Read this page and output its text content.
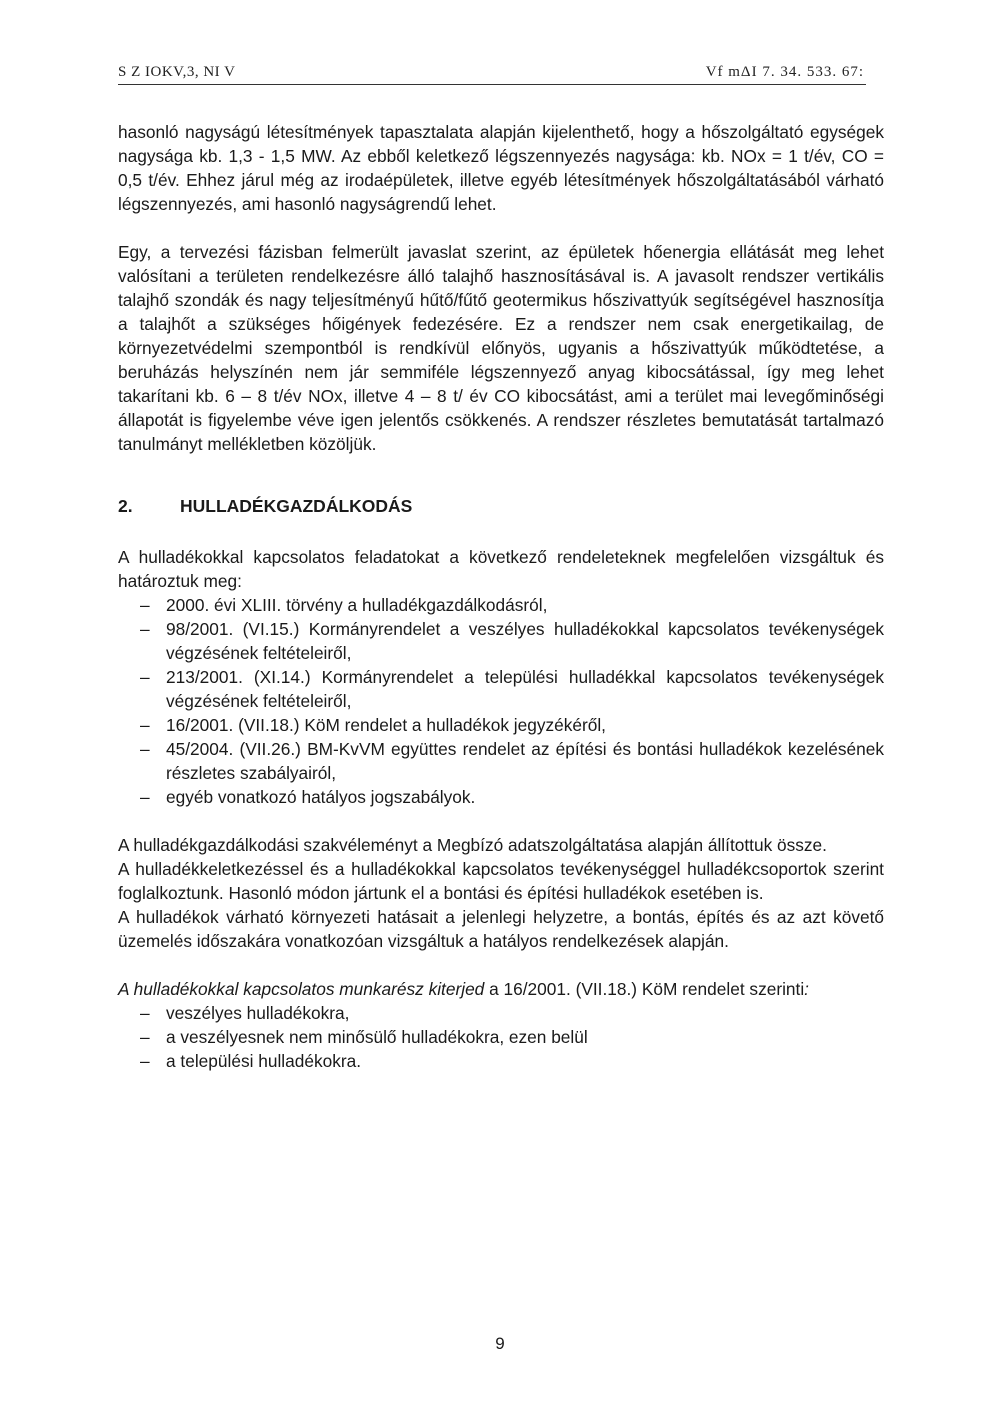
S Z IOKV,3, NI V	Vf mΔI 7. 34. 533. 67:

hasonló nagyságú létesítmények tapasztalata alapján kijelenthető, hogy a hőszolgáltató egységek nagysága kb. 1,3 - 1,5 MW. Az ebből keletkező légszennyezés nagysága: kb. NOx = 1 t/év, CO = 0,5 t/év. Ehhez járul még az irodaépületek, illetve egyéb létesítmények hőszolgáltatásából várható légszennyezés, ami hasonló nagyságrendű lehet.

Egy, a tervezési fázisban felmerült javaslat szerint, az épületek hőenergia ellátását meg lehet valósítani a területen rendelkezésre álló talajhő hasznosításával is. A javasolt rendszer vertikális talajhő szondák és nagy teljesítményű hűtő/fűtő geotermikus hőszivattyúk segítségével hasznosítja a talajhőt a szükséges hőigények fedezésére. Ez a rendszer nem csak energetikailag, de környezetvédelmi szempontból is rendkívül előnyös, ugyanis a hőszivattyúk működtetése, a beruházás helyszínén nem jár semmiféle légszennyező anyag kibocsátással, így meg lehet takarítani kb. 6 – 8 t/év NOx, illetve 4 – 8 t/ év CO kibocsátást, ami a terület mai levegőminőségi állapotát is figyelembe véve igen jelentős csökkenés. A rendszer részletes bemutatását tartalmazó tanulmányt mellékletben közöljük.

2.	HULLADÉKGAZDÁLKODÁS

A hulladékokkal kapcsolatos feladatokat a következő rendeleteknek megfelelően vizsgáltuk és határoztuk meg:

– 2000. évi XLIII. törvény a hulladékgazdálkodásról,
– 98/2001. (VI.15.) Kormányrendelet a veszélyes hulladékokkal kapcsolatos tevékenységek végzésének feltételeiről,
– 213/2001. (XI.14.) Kormányrendelet a települési hulladékkal kapcsolatos tevékenységek végzésének feltételeiről,
– 16/2001. (VII.18.) KöM rendelet a hulladékok jegyzékéről,
– 45/2004. (VII.26.) BM-KvVM együttes rendelet az építési és bontási hulladékok kezelésének részletes szabályairól,
– egyéb vonatkozó hatályos jogszabályok.

A hulladékgazdálkodási szakvéleményt a Megbízó adatszolgáltatása alapján állítottuk össze.

A hulladékkeletkezéssel és a hulladékokkal kapcsolatos tevékenységgel hulladékcsoportok szerint foglalkoztunk. Hasonló módon jártunk el a bontási és építési hulladékok esetében is.

A hulladékok várható környezeti hatásait a jelenlegi helyzetre, a bontás, építés és az azt követő üzemelés időszakára vonatkozóan vizsgáltuk a hatályos rendelkezések alapján.

A hulladékokkal kapcsolatos munkarész kiterjed a 16/2001. (VII.18.) KöM rendelet szerinti:

– veszélyes hulladékokra,
– a veszélyesnek nem minősülő hulladékokra, ezen belül
– a települési hulladékokra.
9
